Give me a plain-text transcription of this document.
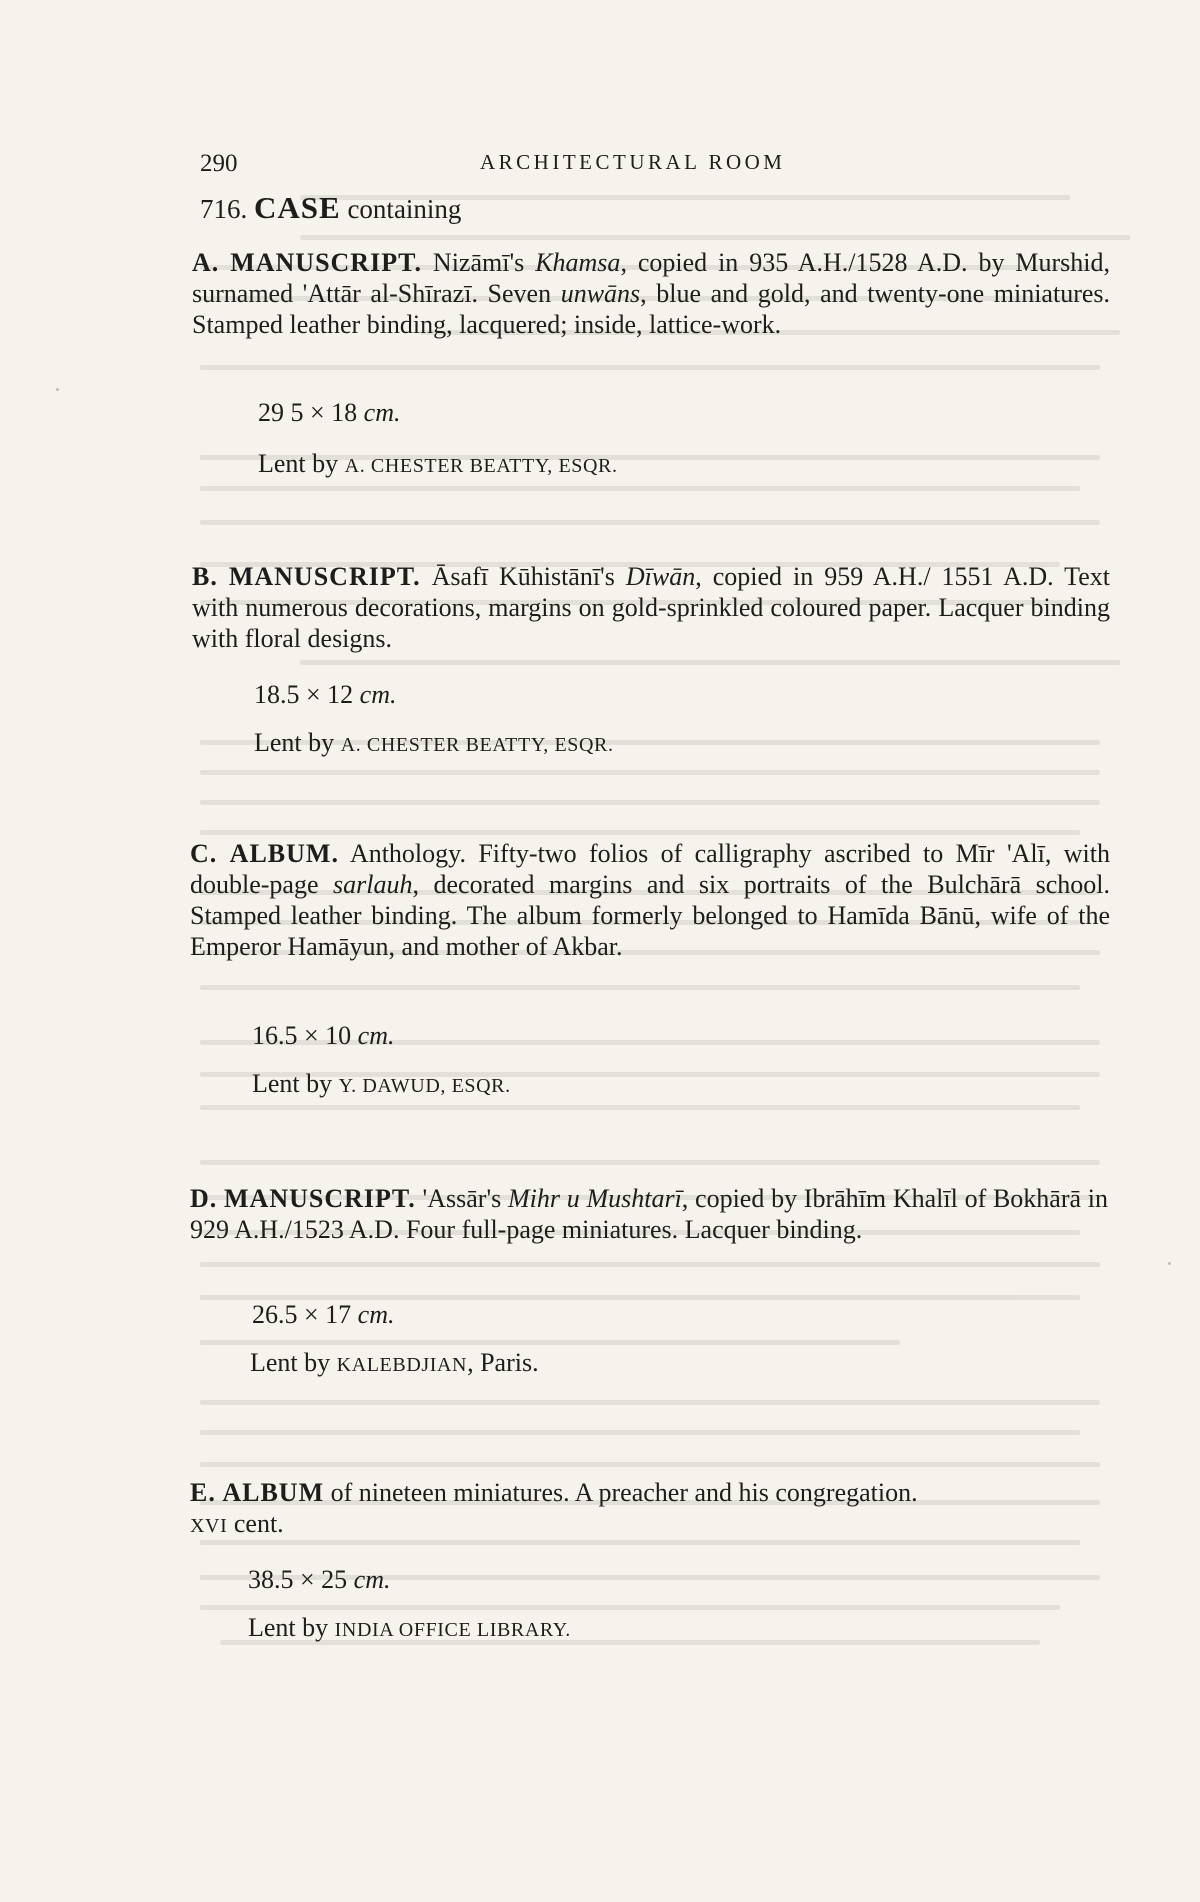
290	ARCHITECTURAL ROOM
716. CASE containing
A. MANUSCRIPT. Nizāmī's Khamsa, copied in 935 A.H./1528 A.D. by Murshid, surnamed 'Attār al-Shīrazī. Seven unwāns, blue and gold, and twenty-one miniatures. Stamped leather binding, lacquered; inside, lattice-work.
29 5 × 18 cm.
Lent by A. CHESTER BEATTY, ESQR.
B. MANUSCRIPT. Āsafī Kūhistānī's Dīwān, copied in 959 A.H./ 1551 A.D. Text with numerous decorations, margins on gold-sprinkled coloured paper. Lacquer binding with floral designs.
18.5 × 12 cm.
Lent by A. CHESTER BEATTY, ESQR.
C. ALBUM. Anthology. Fifty-two folios of calligraphy ascribed to Mīr 'Alī, with double-page sarlauh, decorated margins and six portraits of the Bulchārā school. Stamped leather binding. The album formerly belonged to Hamīda Bānū, wife of the Emperor Hamāyun, and mother of Akbar.
16.5 × 10 cm.
Lent by Y. DAWUD, ESQR.
D. MANUSCRIPT. 'Assār's Mihr u Mushtarī, copied by Ibrāhīm Khalīl of Bokhārā in 929 A.H./1523 A.D. Four full-page miniatures. Lacquer binding.
26.5 × 17 cm.
Lent by KALEBDJIAN, Paris.
E. ALBUM of nineteen miniatures. A preacher and his congregation.
XVI cent.
38.5 × 25 cm.
Lent by INDIA OFFICE LIBRARY.
